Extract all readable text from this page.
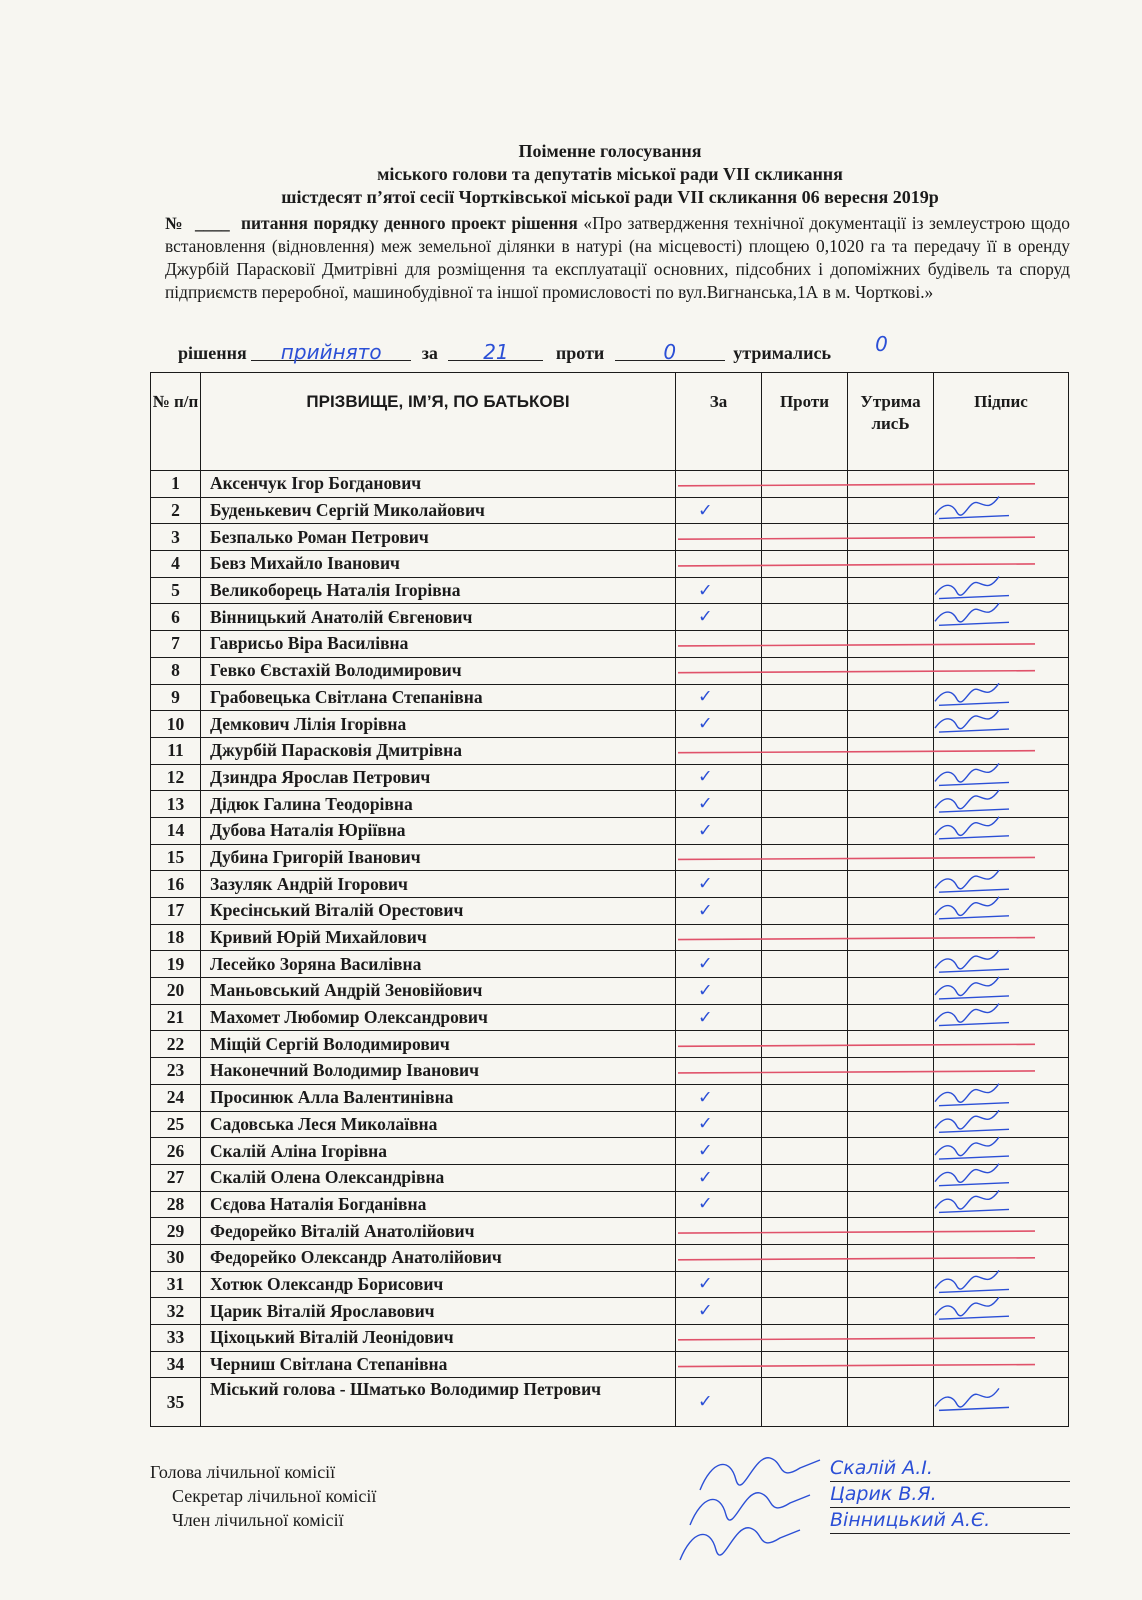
Поіменне голосування
міського голови та депутатів міської ради VII скликання
шістдесят п’ятої сесії Чортківської міської ради VII скликання 06 вересня 2019р
№  ____  питання порядку денного проект рішення «Про затвердження технічної документації із землеустрою щодо встановлення (відновлення) меж земельної ділянки в натурі (на місцевості) площею 0,1020 га та передачу її в оренду Джурбій Парасковії Дмитрівні для розміщення та експлуатації основних, підсобних і допоміжних будівель та споруд підприємств переробної, машинобудівної та іншої промисловості по вул.Вигнанська,1А в м. Чорткові.»
рішення прийнято за 21	проти	0	утримались 0
№ п/п	ПРІЗВИЩЕ, ІМ’Я, ПО БАТЬКОВІ	За	Проти	УтрималисЬ	Підпис
1	Аксенчук Ігор Богданович				
2	Буденькевич Сергій Миколайович	✓			
3	Безпалько Роман Петрович				
4	Бевз Михайло Іванович				
5	Великоборець Наталія Ігорівна	✓			
6	Вінницький Анатолій Євгенович	✓			
7	Гаврисьо Віра Василівна				
8	Гевко Євстахій Володимирович				
9	Грабовецька Світлана Степанівна	✓			
10	Демкович Лілія Ігорівна	✓			
11	Джурбій Парасковія Дмитрівна				
12	Дзиндра Ярослав Петрович	✓			
13	Дідюк Галина Теодорівна	✓			
14	Дубова Наталія Юріївна	✓			
15	Дубина Григорій Іванович				
16	Зазуляк Андрій Ігорович	✓			
17	Кресінський Віталій Орестович	✓			
18	Кривий Юрій Михайлович				
19	Лесейко Зоряна Василівна	✓			
20	Маньовський Андрій Зеновійович	✓			
21	Махомет Любомир Олександрович	✓			
22	Міщій Сергій Володимирович				
23	Наконечний Володимир Іванович				
24	Просинюк Алла Валентинівна	✓			
25	Садовська Леся Миколаївна	✓			
26	Скалій Аліна Ігорівна	✓			
27	Скалій Олена Олександрівна	✓			
28	Сєдова Наталія Богданівна	✓			
29	Федорейко Віталій Анатолійович				
30	Федорейко Олександр Анатолійович				
31	Хотюк Олександр Борисович	✓			
32	Царик Віталій Ярославович	✓			
33	Ціхоцький Віталій Леонідович				
34	Черниш Світлана Степанівна				
35	Міський голова - Шматько Володимир Петрович	✓			
Голова лічильної комісії
Секретар лічильної комісії
Член лічильної комісії
Скалій А.І.
Царик В.Я.
Вінницький А.Є.
